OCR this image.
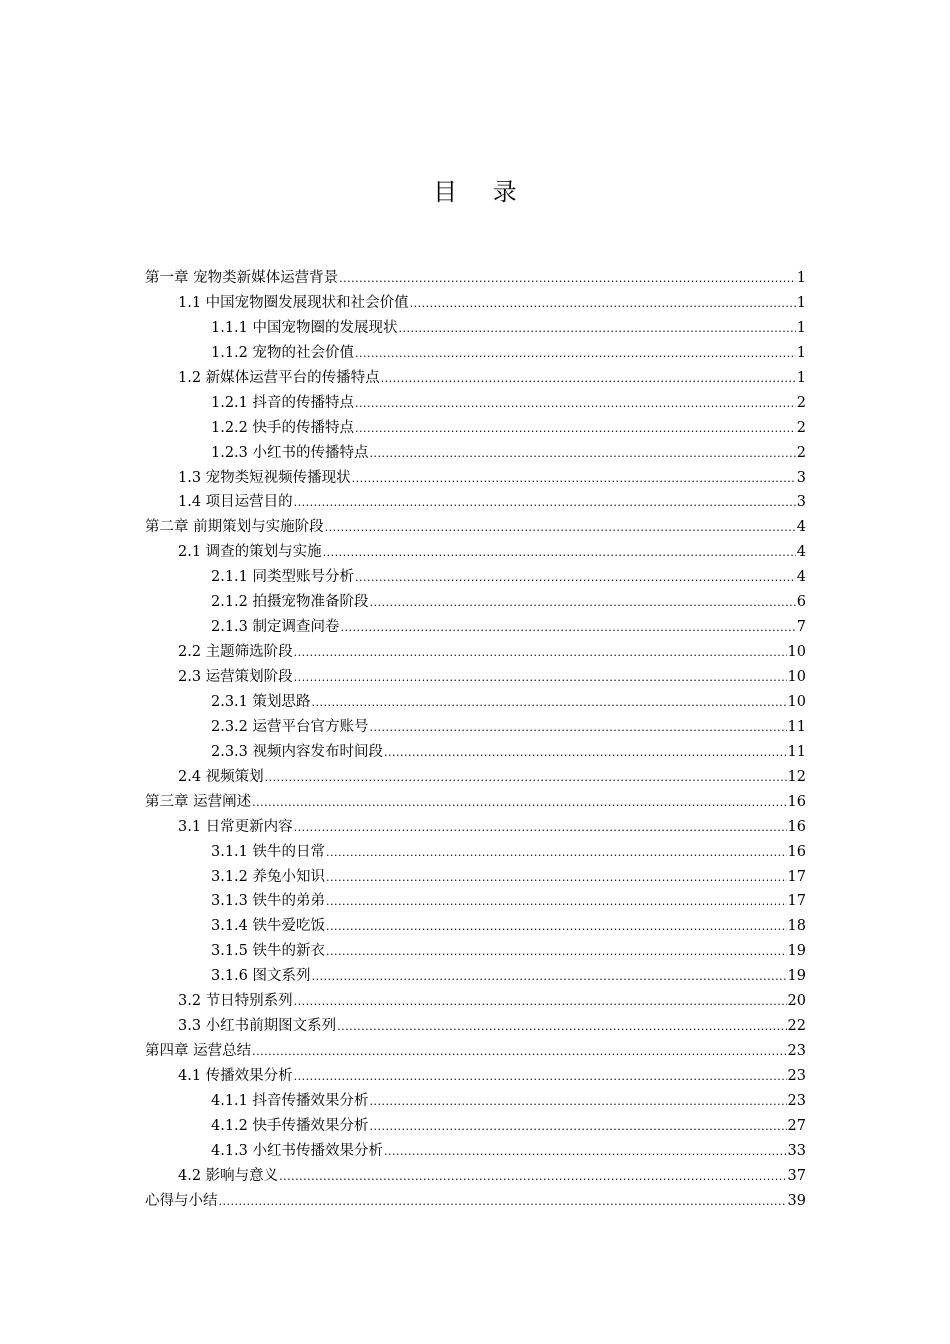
目 录
第一章 宠物类新媒体运营背景 .....	1
1.1 中国宠物圈发展现状和社会价值 .....	1
1.1.1 中国宠物圈的发展现状 .....	1
1.1.2 宠物的社会价值 .....	1
1.2 新媒体运营平台的传播特点 .....	1
1.2.1 抖音的传播特点 .....	2
1.2.2 快手的传播特点 .....	2
1.2.3 小红书的传播特点 .....	2
1.3 宠物类短视频传播现状 .....	3
1.4 项目运营目的 .....	3
第二章 前期策划与实施阶段 .....	4
2.1 调查的策划与实施 .....	4
2.1.1 同类型账号分析 .....	4
2.1.2 拍摄宠物准备阶段 .....	6
2.1.3 制定调查问卷 .....	7
2.2 主题筛选阶段 .....	10
2.3 运营策划阶段 .....	10
2.3.1 策划思路 .....	10
2.3.2 运营平台官方账号 .....	11
2.3.3 视频内容发布时间段 .....	11
2.4 视频策划 .....	12
第三章 运营阐述 .....	16
3.1 日常更新内容 .....	16
3.1.1 铁牛的日常 .....	16
3.1.2 养兔小知识 .....	17
3.1.3 铁牛的弟弟 .....	17
3.1.4 铁牛爱吃饭 .....	18
3.1.5 铁牛的新衣 .....	19
3.1.6 图文系列 .....	19
3.2 节日特别系列 .....	20
3.3 小红书前期图文系列 .....	22
第四章 运营总结 .....	23
4.1 传播效果分析 .....	23
4.1.1 抖音传播效果分析 .....	23
4.1.2 快手传播效果分析 .....	27
4.1.3 小红书传播效果分析 .....	33
4.2 影响与意义 .....	37
心得与小结 .....	39
